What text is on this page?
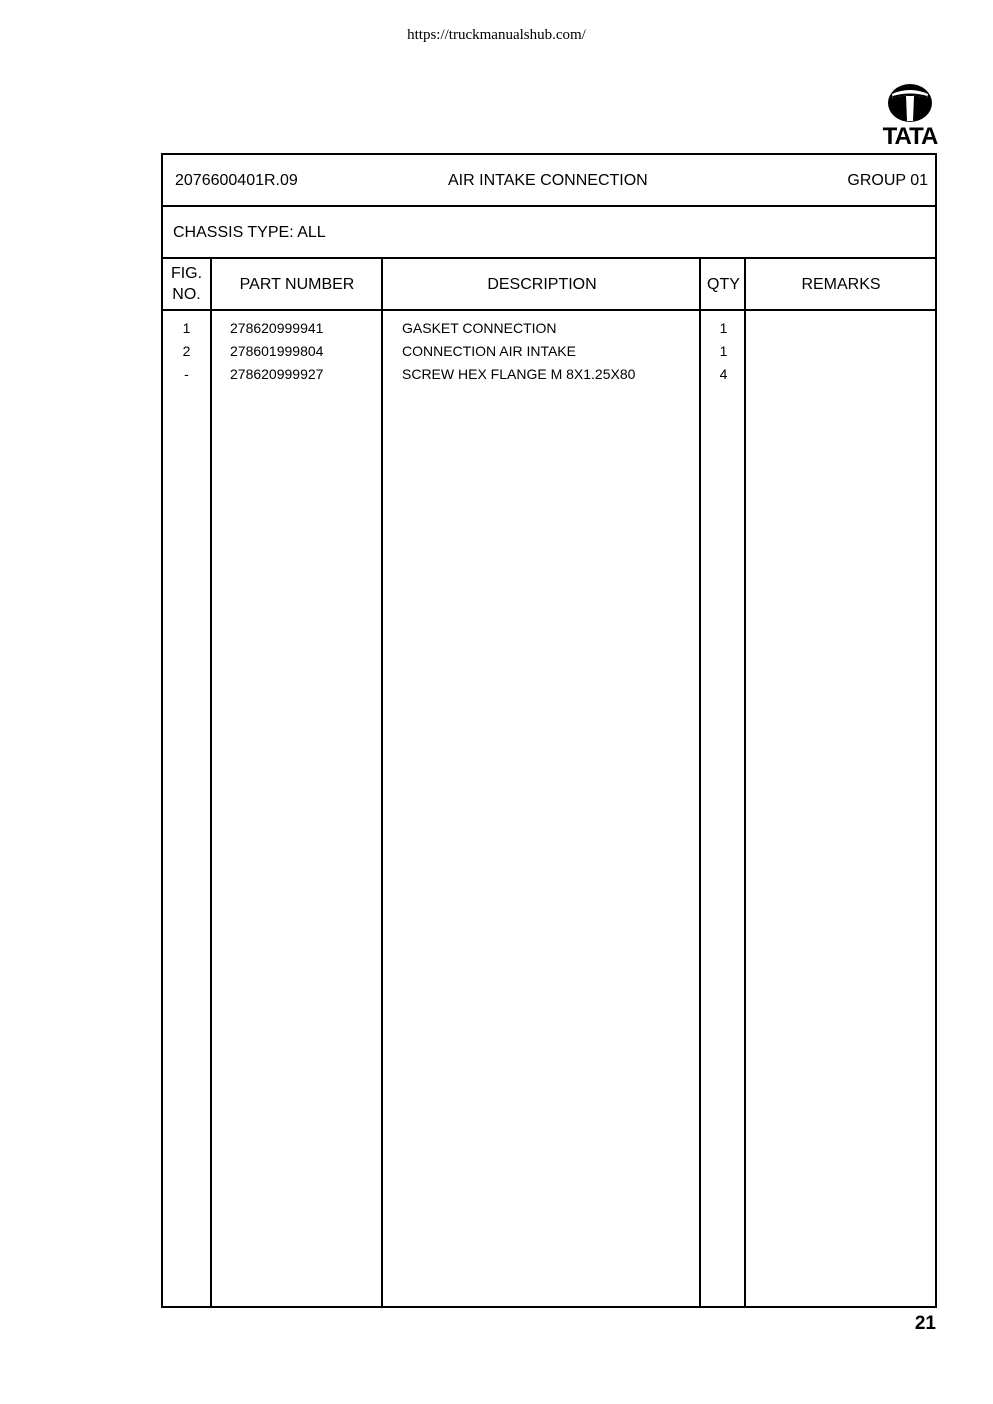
https://truckmanualshub.com/
TATA
2076600401R.09	AIR INTAKE CONNECTION	GROUP 01
CHASSIS TYPE: ALL
FIG.
NO.
PART NUMBER	DESCRIPTION	QTY	REMARKS
1	278620999941	GASKET CONNECTION	1
2	278601999804	CONNECTION AIR INTAKE	1
-	278620999927	SCREW HEX FLANGE M 8X1.25X80	4
21
